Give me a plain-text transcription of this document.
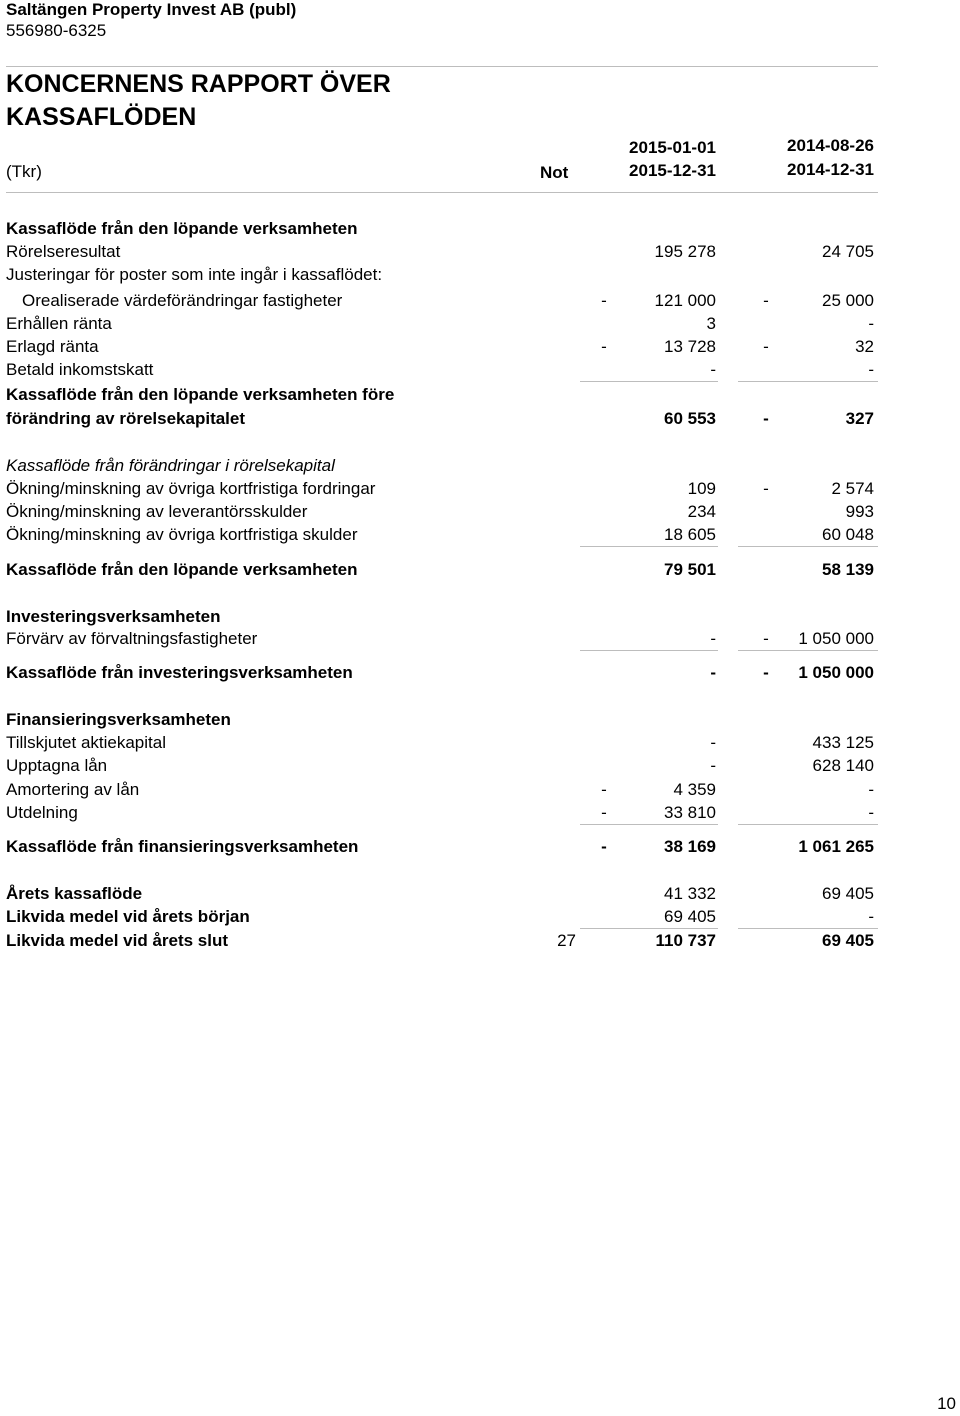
Saltängen Property Invest AB (publ)
556980-6325
KONCERNENS RAPPORT ÖVER
KASSAFLÖDEN
(Tkr)	Not
2015-01-01
2015-12-31
2014-08-26
2014-12-31
Kassaflöde från den löpande verksamheten
Rörelseresultat	195 278	24 705
Justeringar för poster som inte ingår i kassaflödet:
Orealiserade värdeförändringar fastigheter	-	121 000	-	25 000
Erhållen ränta	3	-
Erlagd ränta	-	13 728	-	32
Betald inkomstskatt	-	-
Kassaflöde från den löpande verksamheten före
förändring av rörelsekapitalet	60 553	-	327
Kassaflöde från förändringar i rörelsekapital
Ökning/minskning av övriga kortfristiga fordringar	109	-	2 574
Ökning/minskning av leverantörsskulder	234	993
Ökning/minskning av övriga kortfristiga skulder	18 605	60 048
Kassaflöde från den löpande verksamheten	79 501	58 139
Investeringsverksamheten
Förvärv av förvaltningsfastigheter	-	-	1 050 000
Kassaflöde från investeringsverksamheten	-	-	1 050 000
Finansieringsverksamheten
Tillskjutet aktiekapital	-	433 125
Upptagna lån	-	628 140
Amortering av lån	-	4 359	-
Utdelning	-	33 810	-
Kassaflöde från finansieringsverksamheten	-	38 169	1 061 265
Årets kassaflöde	41 332	69 405
Likvida medel vid årets början	69 405	-
Likvida medel vid årets slut	27	110 737	69 405
10
